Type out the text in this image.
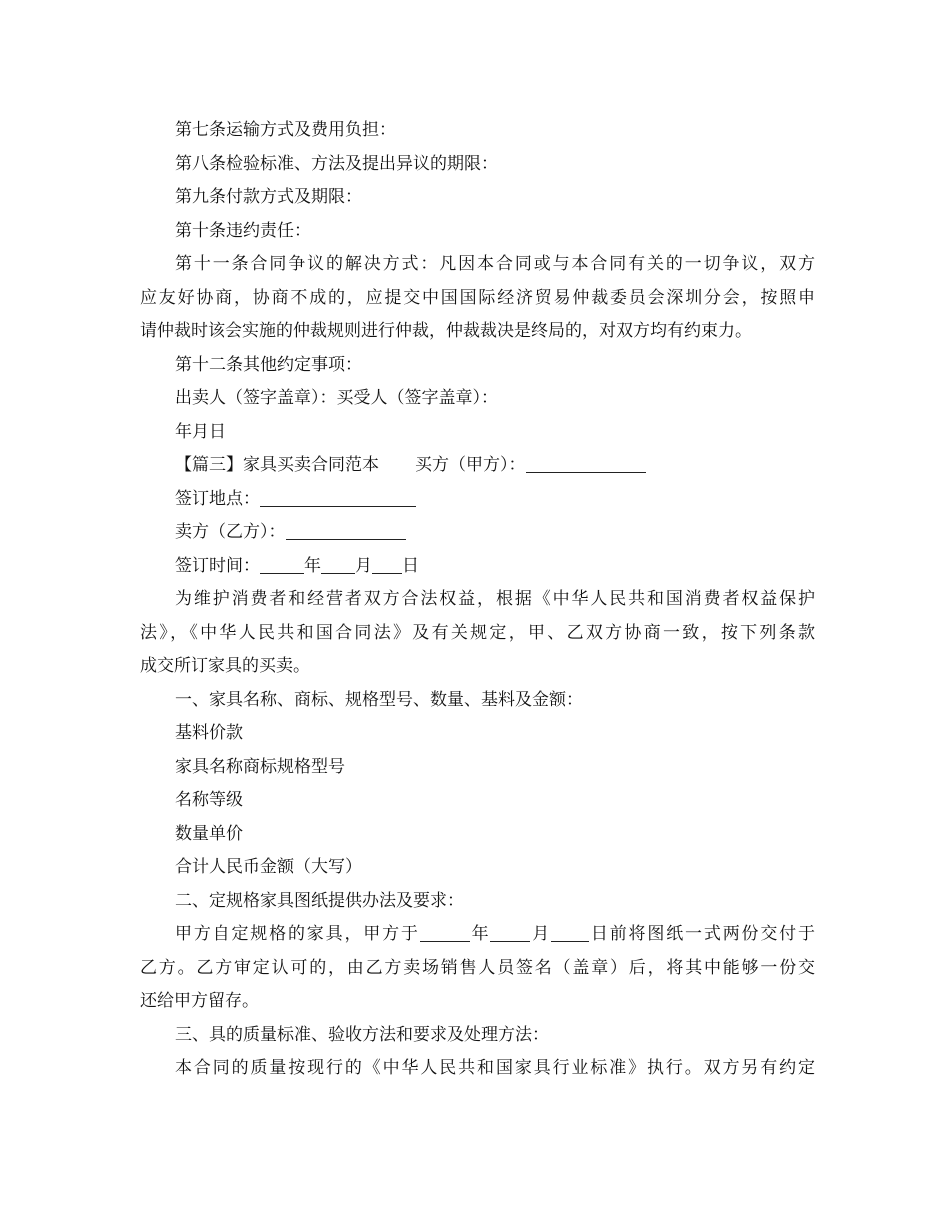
第七条运输方式及费用负担：
第八条检验标准、方法及提出异议的期限：
第九条付款方式及期限：
第十条违约责任：
第十一条合同争议的解决方式：凡因本合同或与本合同有关的一切争议，双方
应友好协商，协商不成的，应提交中国国际经济贸易仲裁委员会深圳分会，按照申
请仲裁时该会实施的仲裁规则进行仲裁，仲裁裁决是终局的，对双方均有约束力。
第十二条其他约定事项：
出卖人（签字盖章）：买受人（签字盖章）：
年月日
【篇三】家具买卖合同范本 买方（甲方）：
签订地点：
卖方（乙方）：
签订时间：	年 月 日
为维护消费者和经营者双方合法权益，根据《中华人民共和国消费者权益保护
法》，《中华人民共和国合同法》及有关规定，甲、乙双方协商一致，按下列条款
成交所订家具的买卖。
一、家具名称、商标、规格型号、数量、基料及金额：
基料价款
家具名称商标规格型号
名称等级
数量单价
合计人民币金额（大写）
二、定规格家具图纸提供办法及要求：
甲方自定规格的家具，甲方于	年 月 日前将图纸一式两份交付于
乙方。乙方审定认可的，由乙方卖场销售人员签名（盖章）后，将其中能够一份交
还给甲方留存。
三、具的质量标准、验收方法和要求及处理方法：
本合同的质量按现行的《中华人民共和国家具行业标准》执行。双方另有约定
